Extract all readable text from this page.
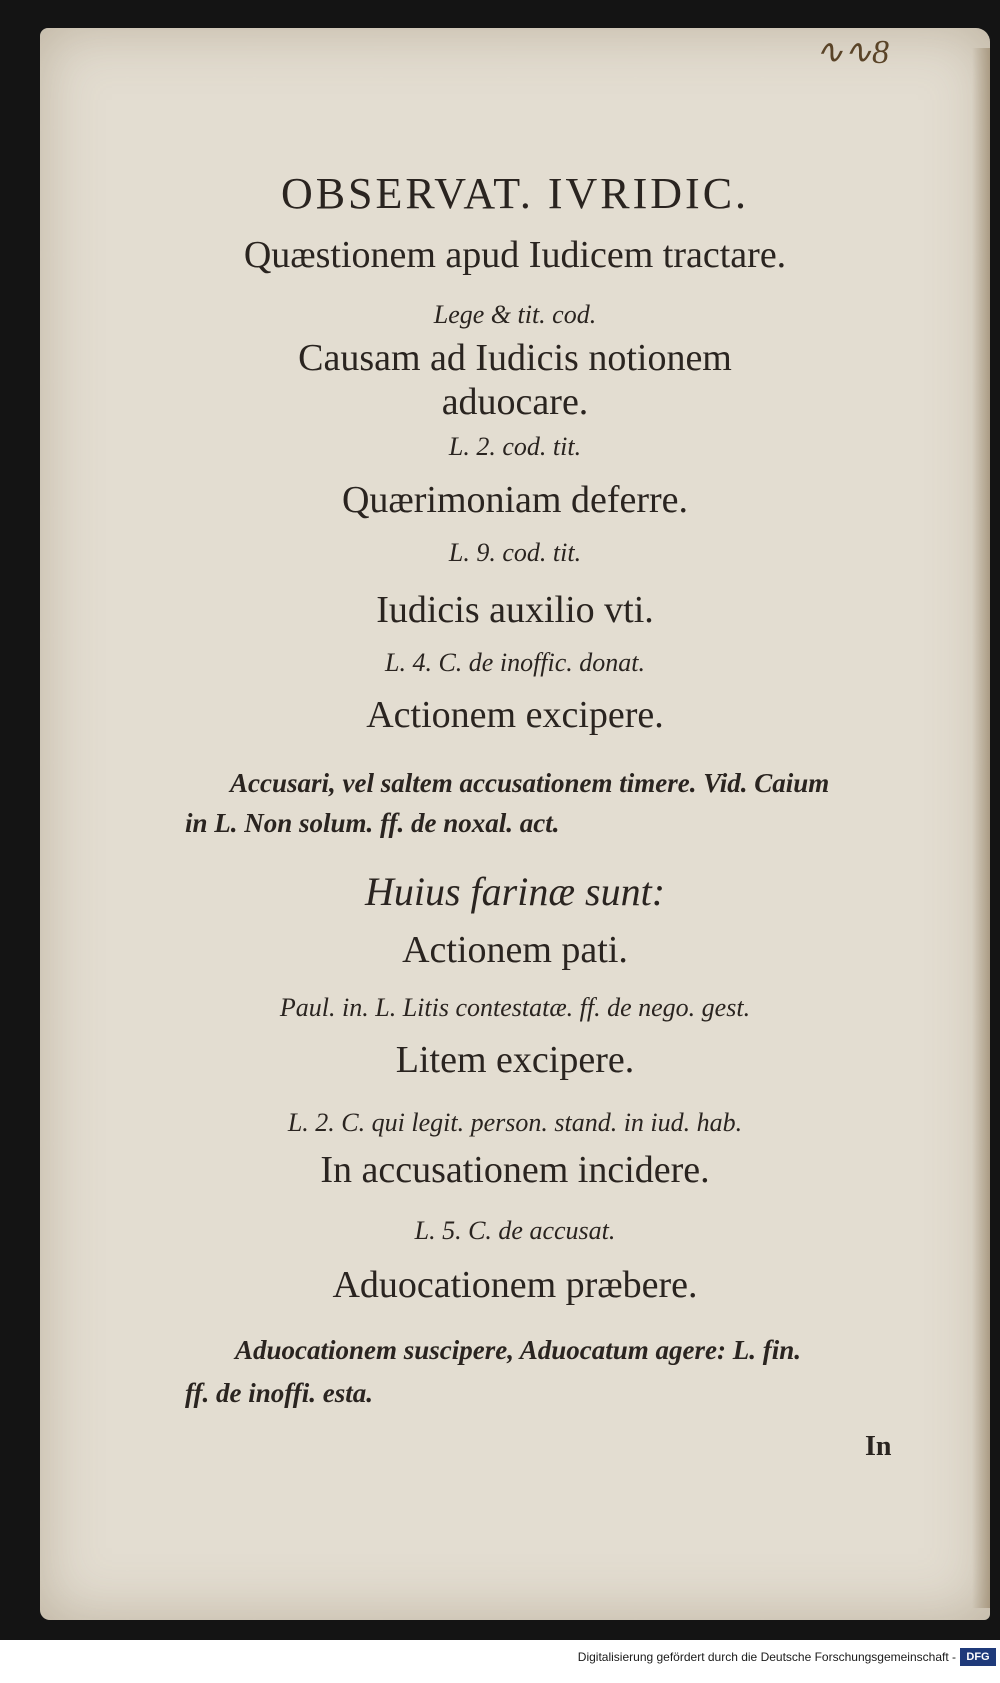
∿∿8
OBSERVAT. IVRIDIC.
Quæstionem apud Iudicem tractare.
Lege & tit. cod.
Causam ad Iudicis notionem
aduocare.
L. 2. cod. tit.
Quærimoniam deferre.
L. 9. cod. tit.
Iudicis auxilio vti.
L. 4. C. de inoffic. donat.
Actionem excipere.
Accusari, vel saltem accusationem timere. Vid. Caium
in L. Non solum. ff. de noxal. act.
Huius farinæ sunt:
Actionem pati.
Paul. in. L. Litis contestatæ. ff. de nego. gest.
Litem excipere.
L. 2. C. qui legit. person. stand. in iud. hab.
In accusationem incidere.
L. 5. C. de accusat.
Aduocationem præbere.
Aduocationem suscipere, Aduocatum agere: L. fin.
ff. de inoffi. esta.
In
Digitalisierung gefördert durch die Deutsche Forschungsgemeinschaft - DFG
